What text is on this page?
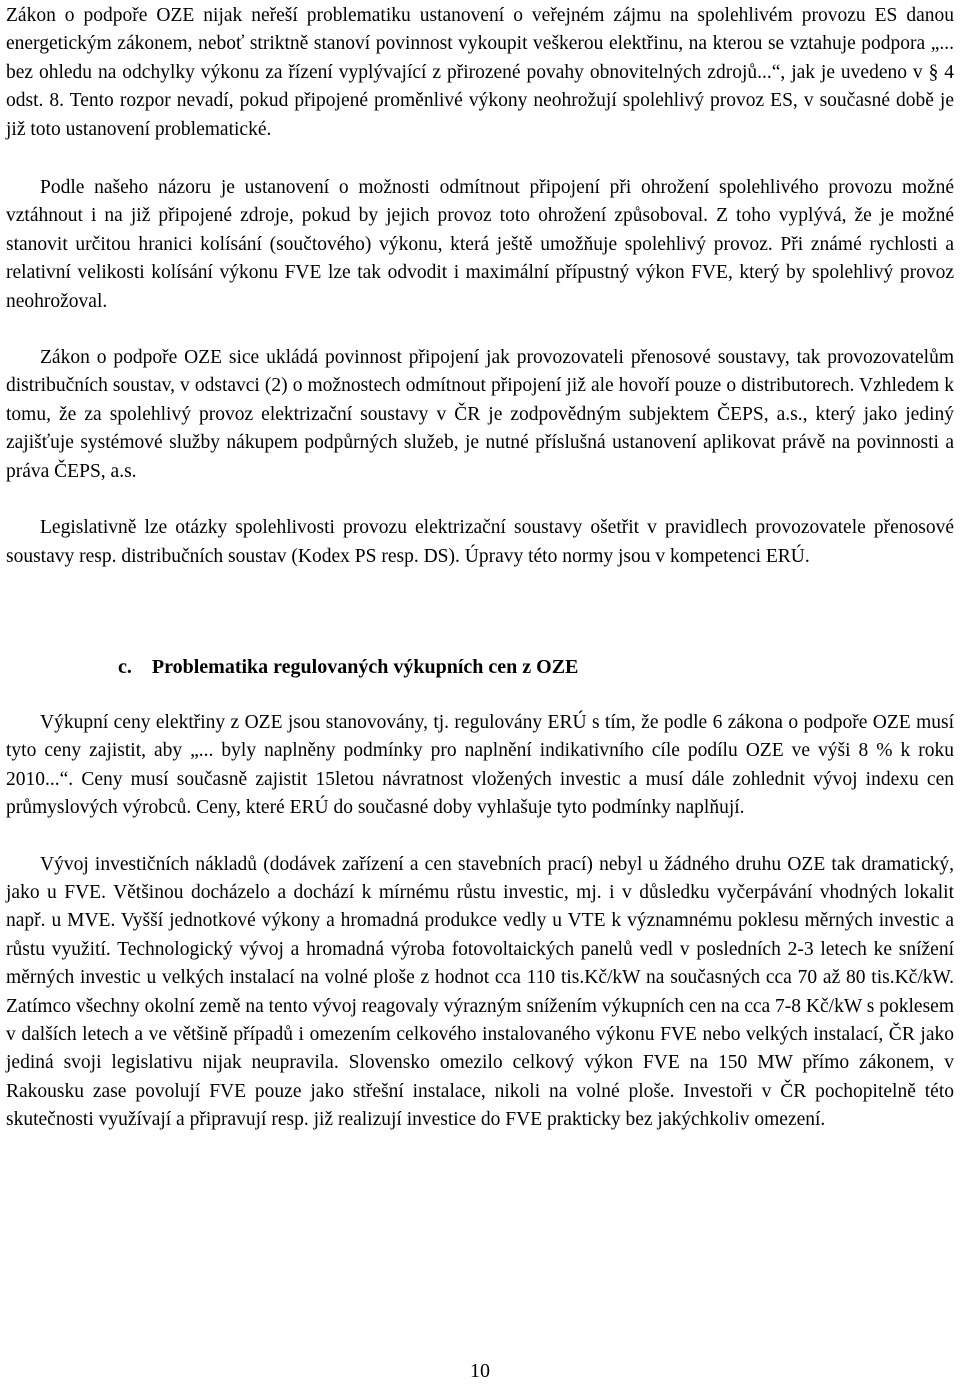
Zákon o podpoře OZE nijak neřeší problematiku ustanovení o veřejném zájmu na spolehlivém provozu ES danou energetickým zákonem, neboť striktně stanoví povinnost vykoupit veškerou elektřinu, na kterou se vztahuje podpora „... bez ohledu na odchylky výkonu za řízení vyplývající z přirozené povahy obnovitelných zdrojů...“, jak je uvedeno v § 4 odst. 8. Tento rozpor nevadí, pokud připojené proměnlivé výkony neohrožují spolehlivý provoz ES, v současné době je již toto ustanovení problematické.

Podle našeho názoru je ustanovení o možnosti odmítnout připojení při ohrožení spolehlivého provozu možné vztáhnout i na již připojené zdroje, pokud by jejich provoz toto ohrožení způsoboval. Z toho vyplývá, že je možné stanovit určitou hranici kolísání (součtového) výkonu, která ještě umožňuje spolehlivý provoz. Při známé rychlosti a relativní velikosti kolísání výkonu FVE lze tak odvodit i maximální přípustný výkon FVE, který by spolehlivý provoz neohrožoval.

Zákon o podpoře OZE sice ukládá povinnost připojení jak provozovateli přenosové soustavy, tak provozovatelům distribučních soustav, v odstavci (2) o možnostech odmítnout připojení již ale hovoří pouze o distributorech. Vzhledem k tomu, že za spolehlivý provoz elektrizační soustavy v ČR je zodpovědným subjektem ČEPS, a.s., který jako jediný zajišťuje systémové služby nákupem podpůrných služeb, je nutné příslušná ustanovení aplikovat právě na povinnosti a práva ČEPS, a.s.

Legislativně lze otázky spolehlivosti provozu elektrizační soustavy ošetřit v pravidlech provozovatele přenosové soustavy resp. distribučních soustav (Kodex PS resp. DS). Úpravy této normy jsou v kompetenci ERÚ.

c. Problematika regulovaných výkupních cen z OZE

Výkupní ceny elektřiny z OZE jsou stanovovány, tj. regulovány ERÚ s tím, že podle 6 zákona o podpoře OZE musí tyto ceny zajistit, aby „... byly naplněny podmínky pro naplnění indikativního cíle podílu OZE ve výši 8 % k roku 2010...“. Ceny musí současně zajistit 15letou návratnost vložených investic a musí dále zohlednit vývoj indexu cen průmyslových výrobců. Ceny, které ERÚ do současné doby vyhlašuje tyto podmínky naplňují.

Vývoj investičních nákladů (dodávek zařízení a cen stavebních prací) nebyl u žádného druhu OZE tak dramatický, jako u FVE. Většinou docházelo a dochází k mírnému růstu investic, mj. i v důsledku vyčerpávání vhodných lokalit např. u MVE. Vyšší jednotkové výkony a hromadná produkce vedly u VTE k významnému poklesu měrných investic a růstu využití. Technologický vývoj a hromadná výroba fotovoltaických panelů vedl v posledních 2-3 letech ke snížení měrných investic u velkých instalací na volné ploše z hodnot cca 110 tis.Kč/kW na současných cca 70 až 80 tis.Kč/kW. Zatímco všechny okolní země na tento vývoj reagovaly výrazným snížením výkupních cen na cca 7-8 Kč/kW s poklesem v dalších letech a ve většině případů i omezením celkového instalovaného výkonu FVE nebo velkých instalací, ČR jako jediná svoji legislativu nijak neupravila. Slovensko omezilo celkový výkon FVE na 150 MW přímo zákonem, v Rakousku zase povolují FVE pouze jako střešní instalace, nikoli na volné ploše. Investoři v ČR pochopitelně této skutečnosti využívají a připravují resp. již realizují investice do FVE prakticky bez jakýchkoliv omezení.

10
